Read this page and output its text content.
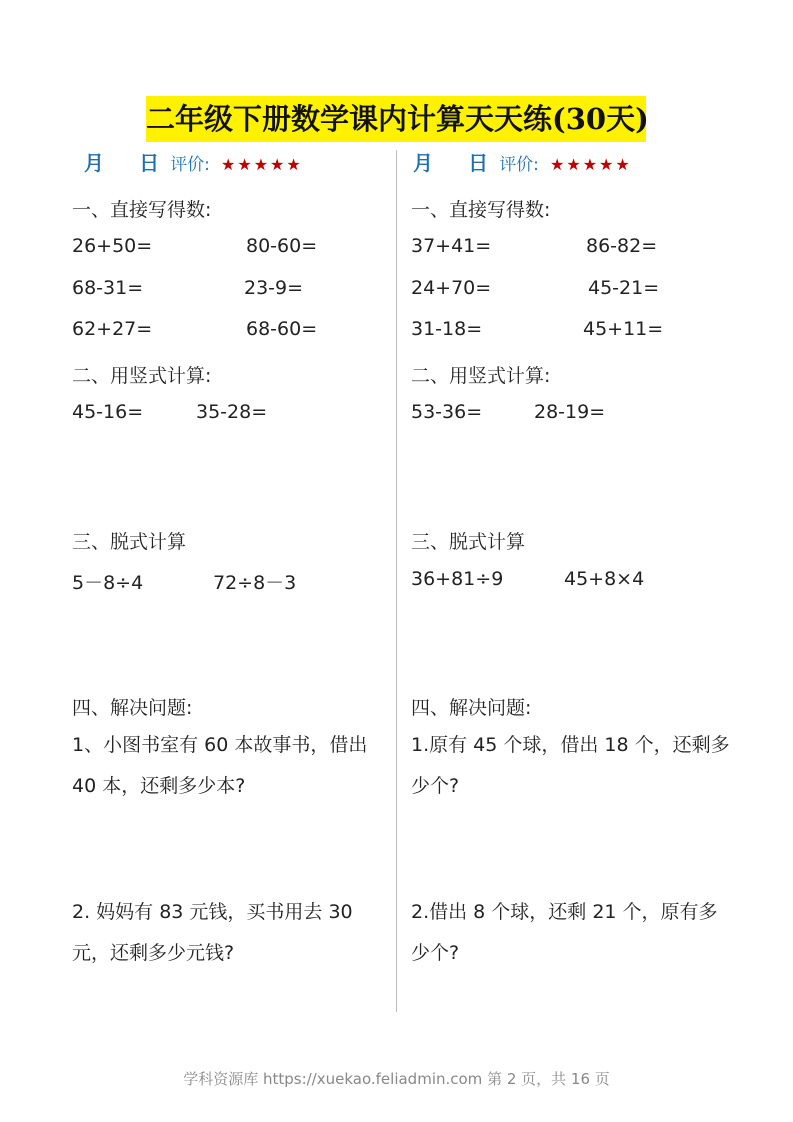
二年级下册数学课内计算天天练(30天)
月 日 评价: ★★★★★
一、直接写得数:
26+50=	80-60=
68-31=	23-9=
62+27=	68-60=
二、用竖式计算:
45-16=	35-28=
三、脱式计算
5－8÷4	72÷8－3
四、解决问题:
1、小图书室有 60 本故事书，借出 40 本，还剩多少本?
2. 妈妈有 83 元钱，买书用去 30 元，还剩多少元钱?
月 日 评价: ★★★★★
一、直接写得数:
37+41=	86-82=
24+70=	45-21=
31-18=	45+11=
二、用竖式计算:
53-36=	28-19=
三、脱式计算
36+81÷9	45+8×4
四、解决问题:
1.原有 45 个球，借出 18 个，还剩多少个?
2.借出 8 个球，还剩 21 个，原有多少个?
学科资源库 https://xuekao.feliadmin.com 第 2 页，共 16 页
